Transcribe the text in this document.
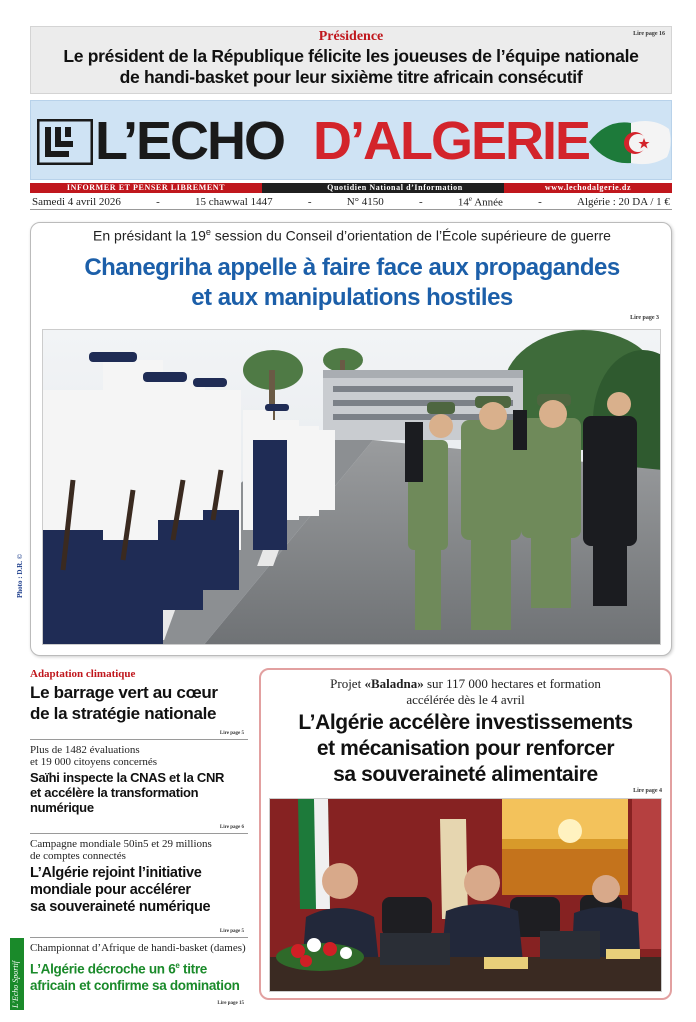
Présidence
Le président de la République félicite les joueuses de l’équipe nationale
de handi-basket pour leur sixième titre africain consécutif
Lire page 16
L’ECHO D’ALGERIE
INFORMER ET PENSER LIBREMENT	Quotidien National d’Information	www.lechodalgerie.dz
Samedi 4 avril 2026	-	15 chawwal 1447	-	N° 4150	-	14e Année	-	Algérie : 20 DA / 1 €
En présidant la 19e session du Conseil d’orientation de l’École supérieure de guerre
Chanegriha appelle à faire face aux propagandes
et aux manipulations hostiles
Lire page 3
Photo : D.R. ©
Adaptation climatique
Le barrage vert au cœur
de la stratégie nationale
Lire page 5
Plus de 1482 évaluations
et 19 000 citoyens concernés
Saïhi inspecte la CNAS et la CNR
et accélère la transformation
numérique
Lire page 6
Campagne mondiale 50in5 et 29 millions
de comptes connectés
L’Algérie rejoint l’initiative
mondiale pour accélérer
sa souveraineté numérique
Lire page 5
Championnat d’Afrique de handi-basket (dames)
L’Algérie décroche un 6e titre
africain et confirme sa domination
Lire page 15
L’Echo Sportif
Projet «Baladna» sur 117 000 hectares et formation
accélérée dès le 4 avril
L’Algérie accélère investissements
et mécanisation pour renforcer
sa souveraineté alimentaire
Lire page 4
